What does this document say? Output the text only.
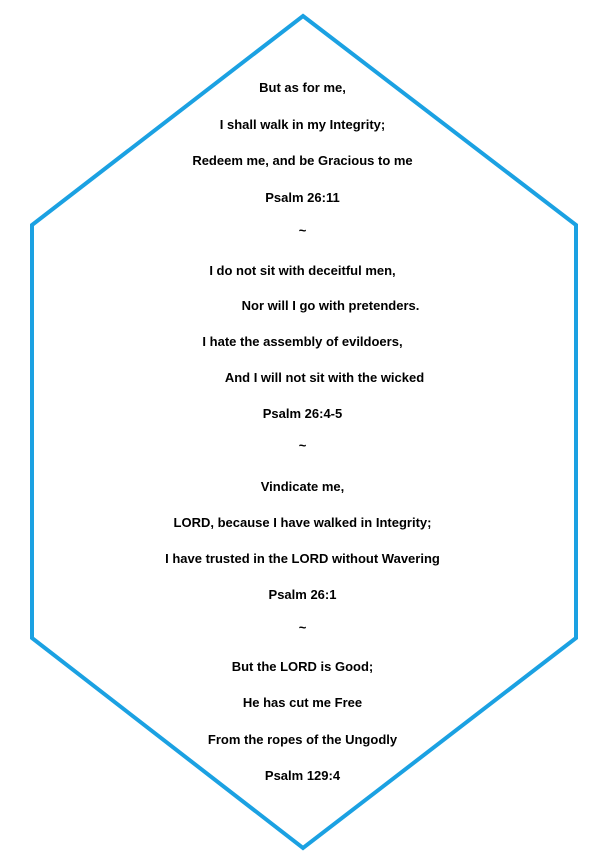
But as for me,
I shall walk in my Integrity;
Redeem me, and be Gracious to me
Psalm 26:11
~
I do not sit with deceitful men,
Nor will I go with pretenders.
I hate the assembly of evildoers,
And I will not sit with the wicked
Psalm 26:4-5
~
Vindicate me,
LORD, because I have walked in Integrity;
I have trusted in the LORD without Wavering
Psalm 26:1
~
But the LORD is Good;
He has cut me Free
From the ropes of the Ungodly
Psalm 129:4
